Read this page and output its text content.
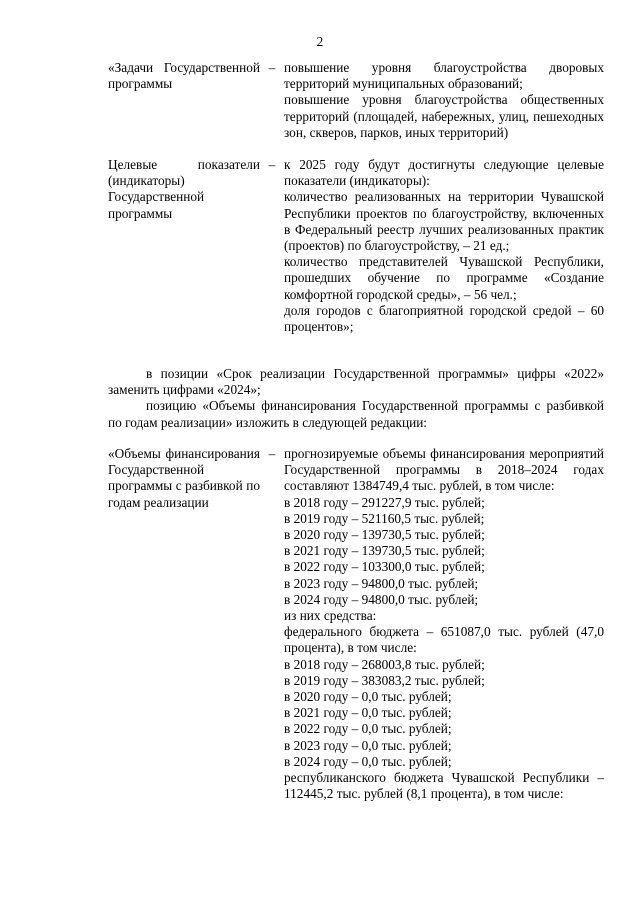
2

«Задачи Государственной программы

– повышение уровня благоустройства дворовых территорий муниципальных образований;

повышение уровня благоустройства общественных территорий (площадей, набережных, улиц, пешеходных зон, скверов, парков, иных территорий)

Целевые показатели (индикаторы) Государственной программы

– к 2025 году будут достигнуты следующие целевые показатели (индикаторы):

количество реализованных на территории Чувашской Республики проектов по благоустройству, включенных в Федеральный реестр лучших реализованных практик (проектов) по благоустройству, – 21 ед.;

количество представителей Чувашской Республики, прошедших обучение по программе «Создание комфортной городской среды», – 56 чел.;

доля городов с благоприятной городской средой – 60 процентов»;

в позиции «Срок реализации Государственной программы» цифры «2022» заменить цифрами «2024»;

позицию «Объемы финансирования Государственной программы с разбивкой по годам реализации» изложить в следующей редакции:

«Объемы финансирования Государственной программы с разбивкой по годам реализации

– прогнозируемые объемы финансирования мероприятий Государственной программы в 2018–2024 годах составляют 1384749,4 тыс. рублей, в том числе:

в 2018 году – 291227,9 тыс. рублей;

в 2019 году – 521160,5 тыс. рублей;

в 2020 году – 139730,5 тыс. рублей;

в 2021 году – 139730,5 тыс. рублей;

в 2022 году – 103300,0 тыс. рублей;

в 2023 году – 94800,0 тыс. рублей;

в 2024 году – 94800,0 тыс. рублей;

из них средства:

федерального бюджета – 651087,0 тыс. рублей (47,0 процента), в том числе:

в 2018 году – 268003,8 тыс. рублей;

в 2019 году – 383083,2 тыс. рублей;

в 2020 году – 0,0 тыс. рублей;

в 2021 году – 0,0 тыс. рублей;

в 2022 году – 0,0 тыс. рублей;

в 2023 году – 0,0 тыс. рублей;

в 2024 году – 0,0 тыс. рублей;

республиканского бюджета Чувашской Республики – 112445,2 тыс. рублей (8,1 процента), в том числе:
